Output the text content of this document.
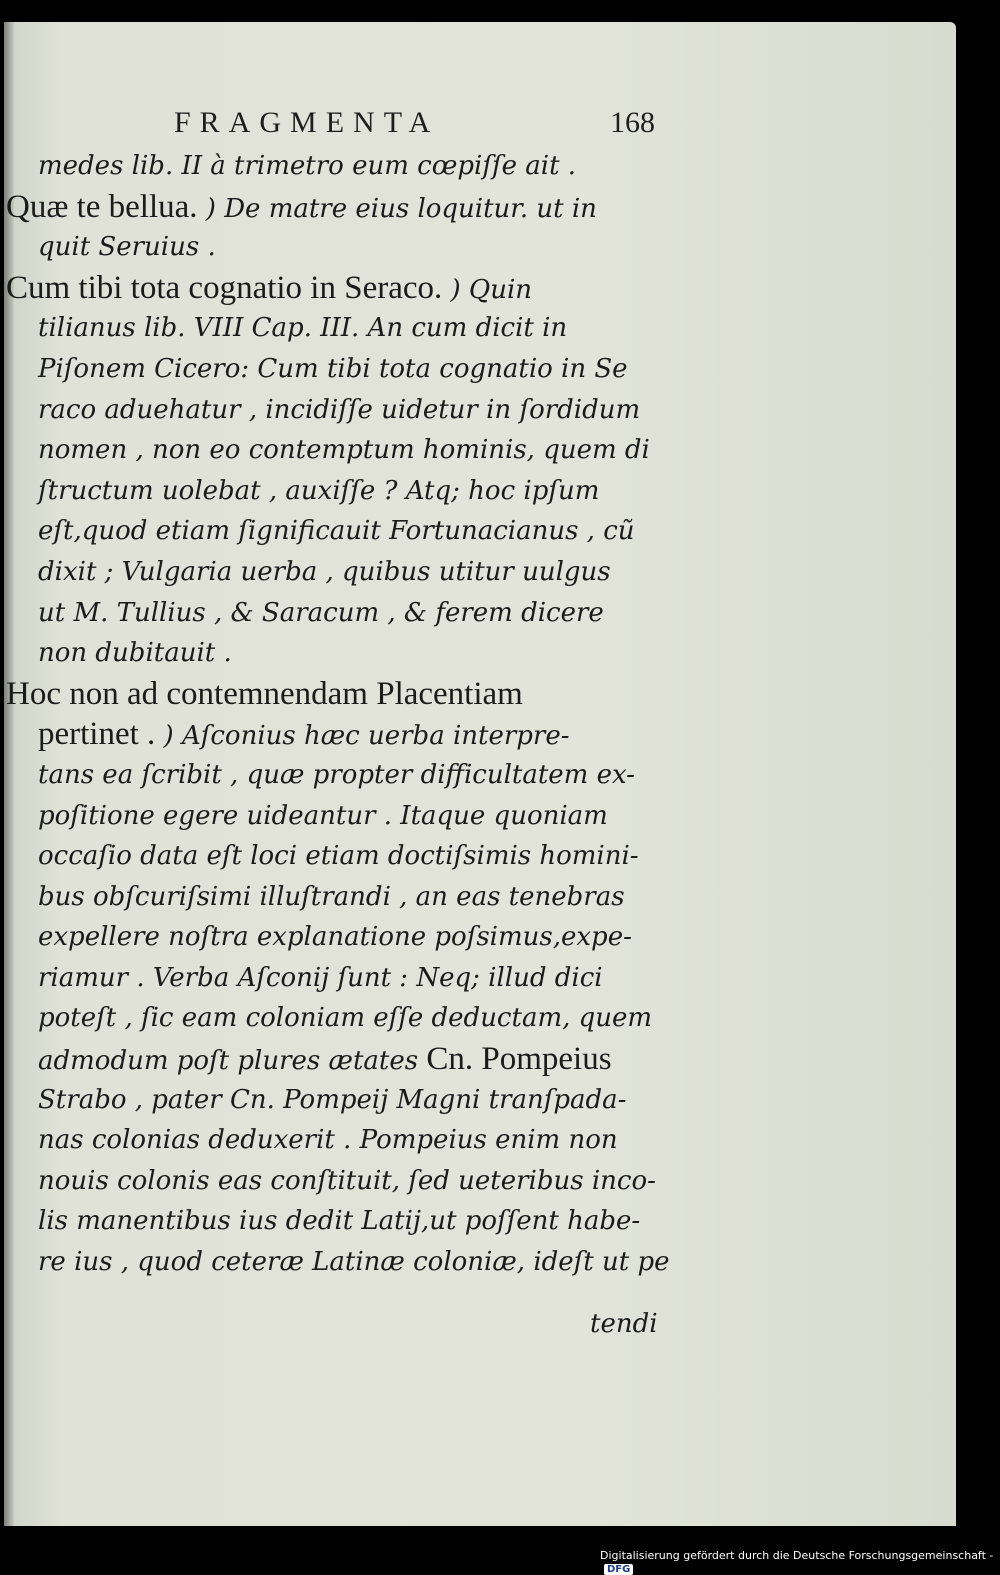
FRAGMENTA	168
medes lib. II à trimetro eum cœpiſſe ait .
Quæ te bellua. ) De matre eius loquitur. ut in
quit Seruius .
Cum tibi tota cognatio in Seraco. ) Quin
tilianus lib. VIII Cap. III. An cum dicit in
Piſonem Cicero: Cum tibi tota cognatio in Se
raco aduehatur , incidiſſe uidetur in ſordidum
nomen , non eo contemptum hominis, quem di
ſtructum uolebat , auxiſſe ? Atq; hoc ipſum
eſt,quod etiam ſignificauit Fortunacianus , cũ
dixit ; Vulgaria uerba , quibus utitur uulgus
ut M. Tullius , & Saracum , & ferem dicere
non dubitauit .
Hoc non ad contemnendam Placentiam
pertinet . ) Aſconius hæc uerba interpre-
tans ea ſcribit , quæ propter difficultatem ex-
poſitione egere uideantur . Itaque quoniam
occaſio data eſt loci etiam doctiſsimis homini-
bus obſcuriſsimi illuſtrandi , an eas tenebras
expellere noſtra explanatione poſsimus,expe-
riamur . Verba Aſconij ſunt : Neq; illud dici
poteſt , ſic eam coloniam eſſe deductam, quem
admodum poſt plures ætates Cn. Pompeius
Strabo , pater Cn. Pompeij Magni tranſpada-
nas colonias deduxerit . Pompeius enim non
nouis colonis eas conſtituit, ſed ueteribus inco-
lis manentibus ius dedit Latij,ut poſſent habe-
re ius , quod ceteræ Latinæ coloniæ, ideſt ut pe
tendi
Digitalisierung gefördert durch die Deutsche Forschungsgemeinschaft - DFG
